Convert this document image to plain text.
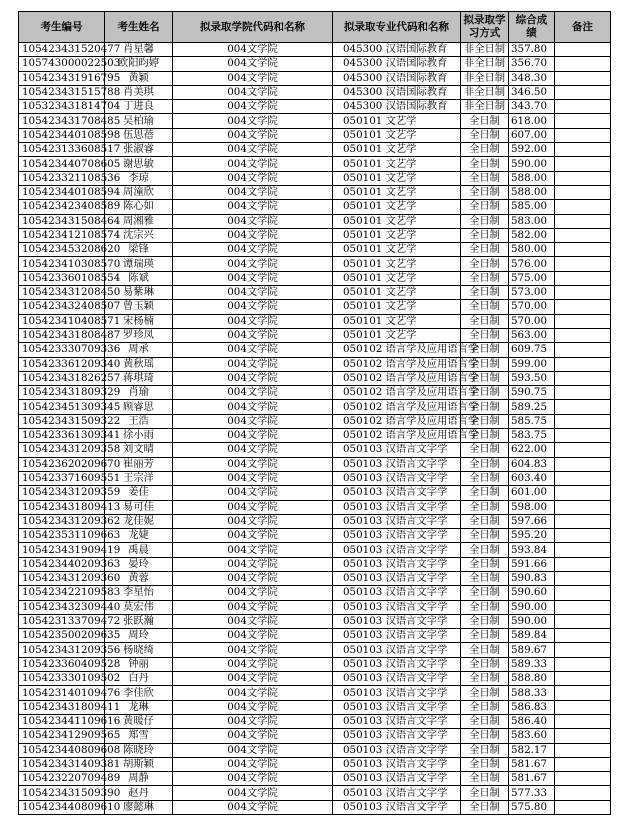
考生编号	考生姓名	拟录取学院代码和名称	拟录取专业代码和名称	拟录取学习方式	综合成绩	备注
105423431520477	肖星馨	004文学院	045300 汉语国际教育	非全日制	357.80	
105743000022503	欧阳昀婷	004文学院	045300 汉语国际教育	非全日制	356.70	
105423431916795	黄颖	004文学院	045300 汉语国际教育	非全日制	348.30	
105423431515788	肖美琪	004文学院	045300 汉语国际教育	非全日制	346.50	
105323431814704	丁进良	004文学院	045300 汉语国际教育	非全日制	343.70	
105423431708485	吴柏瑜	004文学院	050101 文艺学	全日制	618.00	
105423440108598	伍思蓓	004文学院	050101 文艺学	全日制	607.00	
105423133608517	张淑睿	004文学院	050101 文艺学	全日制	592.00	
105423440708605	谢思敏	004文学院	050101 文艺学	全日制	590.00	
105423321108536	李琼	004文学院	050101 文艺学	全日制	588.00	
105423440108594	周潼欣	004文学院	050101 文艺学	全日制	588.00	
105423423408589	陈心如	004文学院	050101 文艺学	全日制	585.00	
105423431508464	周湘雅	004文学院	050101 文艺学	全日制	583.00	
105423412108574	沈宗兴	004文学院	050101 文艺学	全日制	582.00	
105423453208620	梁锋	004文学院	050101 文艺学	全日制	580.00	
105423410308570	谭瑞瑛	004文学院	050101 文艺学	全日制	576.00	
105423360108554	陈斌	004文学院	050101 文艺学	全日制	575.00	
105423431208450	易紫琳	004文学院	050101 文艺学	全日制	573.00	
105423432408507	曾玉颖	004文学院	050101 文艺学	全日制	570.00	
105423410408571	宋杨楠	004文学院	050101 文艺学	全日制	570.00	
105423431808487	罗珍凤	004文学院	050101 文艺学	全日制	563.00	
105423330709336	周承	004文学院	050102 语言学及应用语言学	全日制	609.75	
105423361209340	黄秋瑶	004文学院	050102 语言学及应用语言学	全日制	599.00	
105423431826257	蒋琪琦	004文学院	050102 语言学及应用语言学	全日制	593.50	
105423431809329	肖瑜	004文学院	050102 语言学及应用语言学	全日制	590.75	
105423451309345	顾睿思	004文学院	050102 语言学及应用语言学	全日制	589.25	
105423431509322	王浩	004文学院	050102 语言学及应用语言学	全日制	585.75	
105423361309341	徐小雨	004文学院	050102 语言学及应用语言学	全日制	583.75	
105423431209358	刘文晴	004文学院	050103 汉语言文字学	全日制	622.00	
105423620209670	崔丽芳	004文学院	050103 汉语言文字学	全日制	604.83	
105423371609551	王宗洋	004文学院	050103 汉语言文字学	全日制	603.40	
105423431209359	姜佳	004文学院	050103 汉语言文字学	全日制	601.00	
105423431809413	易可佳	004文学院	050103 汉语言文字学	全日制	598.00	
105423431209362	龙佳妮	004文学院	050103 汉语言文字学	全日制	597.66	
105423531109663	龙婕	004文学院	050103 汉语言文字学	全日制	595.20	
105423431909419	禹晨	004文学院	050103 汉语言文字学	全日制	593.84	
105423440209363	晏玲	004文学院	050103 汉语言文字学	全日制	591.66	
105423431209360	黄蓉	004文学院	050103 汉语言文字学	全日制	590.83	
105423422109583	李星怡	004文学院	050103 汉语言文字学	全日制	590.60	
105423432309440	莫宏伟	004文学院	050103 汉语言文字学	全日制	590.00	
105423133709472	张跃瀚	004文学院	050103 汉语言文字学	全日制	590.00	
105423500209635	周玲	004文学院	050103 汉语言文字学	全日制	589.84	
105423431209356	杨晓绮	004文学院	050103 汉语言文字学	全日制	589.67	
105423360409528	钟丽	004文学院	050103 汉语言文字学	全日制	589.33	
105423330109502	白丹	004文学院	050103 汉语言文字学	全日制	588.80	
105423140109476	李佳欣	004文学院	050103 汉语言文字学	全日制	588.33	
105423431809411	龙琳	004文学院	050103 汉语言文字学	全日制	586.83	
105423441109616	黄暖仔	004文学院	050103 汉语言文字学	全日制	586.40	
105423412909565	郑雪	004文学院	050103 汉语言文字学	全日制	583.60	
105423440809608	陈晓玲	004文学院	050103 汉语言文字学	全日制	582.17	
105423431409381	胡斯颖	004文学院	050103 汉语言文字学	全日制	581.67	
105423220709489	周静	004文学院	050103 汉语言文字学	全日制	581.67	
105423431509390	赵丹	004文学院	050103 汉语言文字学	全日制	577.33	
105423440809610	廖懿琳	004文学院	050103 汉语言文字学	全日制	575.80	
